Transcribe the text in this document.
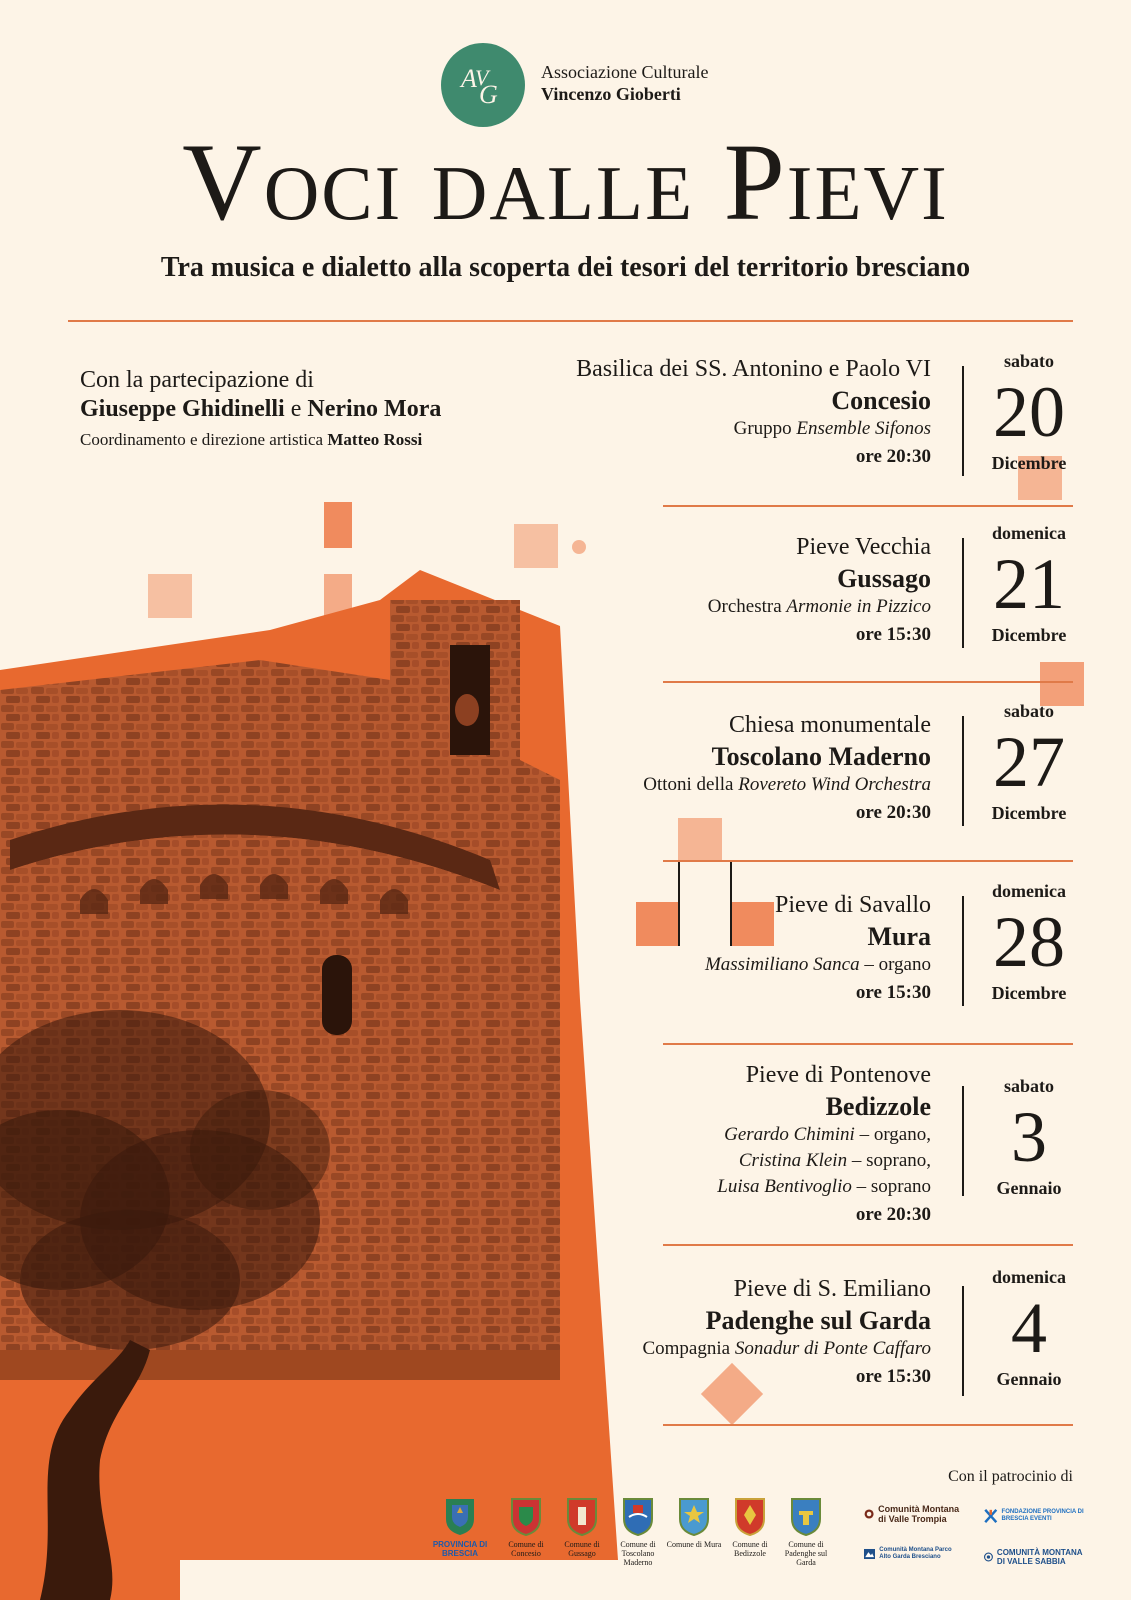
A
V
G
Associazione Culturale
Vincenzo Gioberti
Voci dalle Pievi
Tra musica e dialetto alla scoperta dei tesori del territorio bresciano
Con la partecipazione di
Giuseppe Ghidinelli e Nerino Mora
Coordinamento e direzione artistica Matteo Rossi
Basilica dei SS. Antonino e Paolo VI
Concesio
Gruppo Ensemble Sifonos
ore 20:30
sabato
20
Dicembre
Pieve Vecchia
Gussago
Orchestra Armonie in Pizzico
ore 15:30
domenica
21
Dicembre
Chiesa monumentale
Toscolano Maderno
Ottoni della Rovereto Wind Orchestra
ore 20:30
sabato
27
Dicembre
Pieve di Savallo
Mura
Massimiliano Sanca – organo
ore 15:30
domenica
28
Dicembre
Pieve di Pontenove
Bedizzole
Gerardo Chimini – organo,
Cristina Klein – soprano,
Luisa Bentivoglio – soprano
ore 20:30
sabato
3
Gennaio
Pieve di S. Emiliano
Padenghe sul Garda
Compagnia Sonadur di Ponte Caffaro
ore 15:30
domenica
4
Gennaio
Con il patrocinio di
PROVINCIA DI BRESCIA
Comune di Concesio
Comune di Gussago
Comune di Toscolano Maderno
Comune di Mura	Comune di Bedizzole
Comune di Padenghe sul Garda
Comunità Montana di Valle Trompia
FONDAZIONE PROVINCIA DI BRESCIA EVENTI
Comunità Montana Parco Alto Garda Bresciano	COMUNITÀ MONTANA DI VALLE SABBIA
